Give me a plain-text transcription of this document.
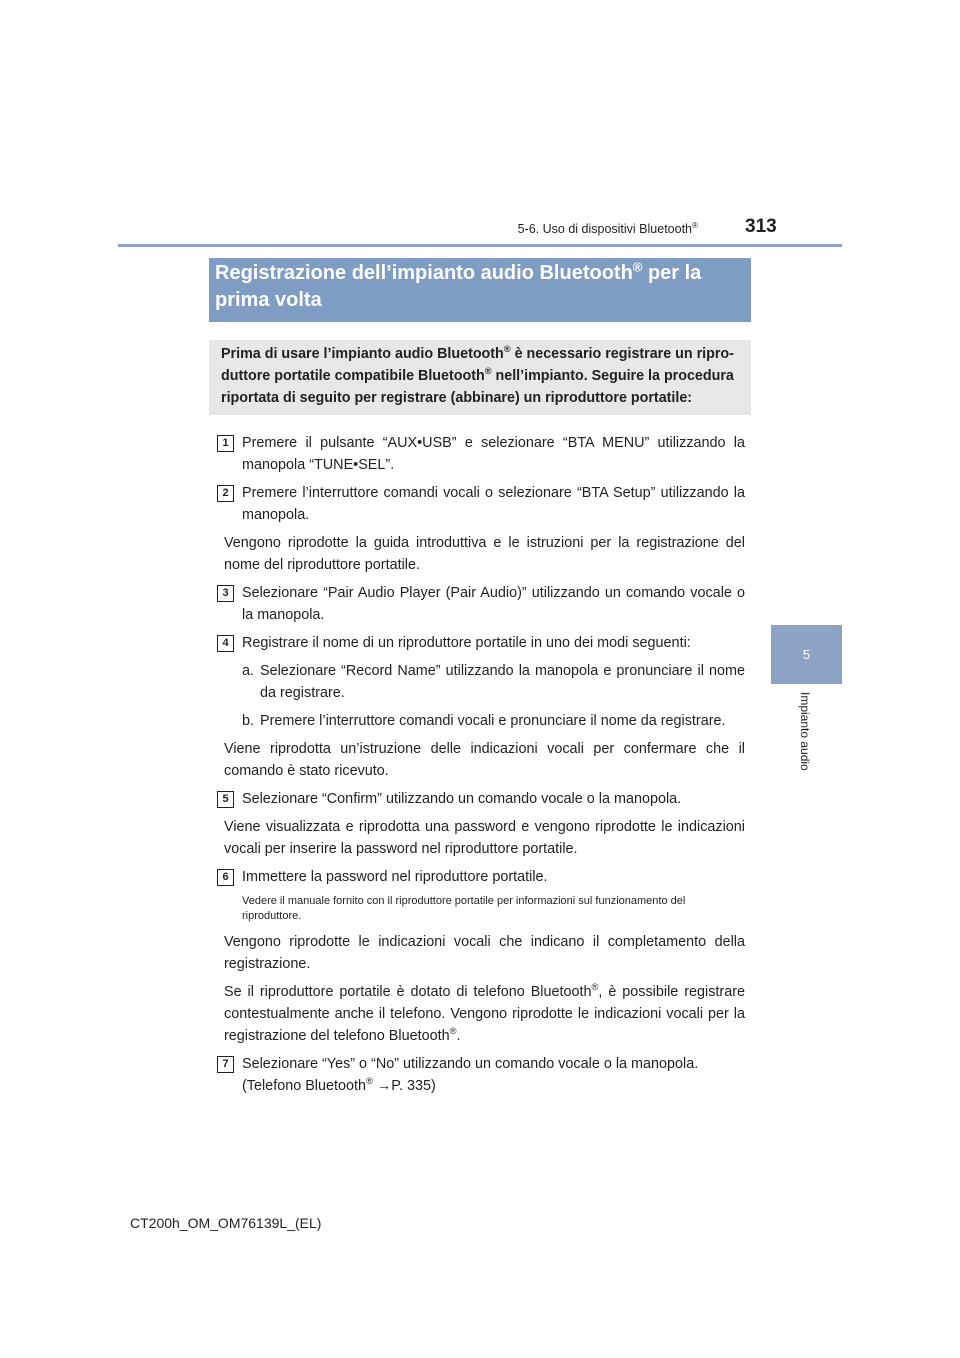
5-6. Uso di dispositivi Bluetooth® 313
5
Impianto audio
Registrazione dell’impianto audio Bluetooth® per la
prima volta
Prima di usare l’impianto audio Bluetooth® è necessario registrare un ripro-duttore portatile compatibile Bluetooth® nell’impianto. Seguire la procedura riportata di seguito per registrare (abbinare) un riproduttore portatile:
1 Premere il pulsante “AUX•USB” e selezionare “BTA MENU” utilizzando la manopola “TUNE•SEL”.
2 Premere l’interruttore comandi vocali o selezionare “BTA Setup” utilizzando la manopola.
Vengono riprodotte la guida introduttiva e le istruzioni per la registrazione del nome del riproduttore portatile.
3 Selezionare “Pair Audio Player (Pair Audio)” utilizzando un comando vocale o la manopola.
4 Registrare il nome di un riproduttore portatile in uno dei modi seguenti:
a. Selezionare “Record Name” utilizzando la manopola e pronunciare il nome da registrare.
b. Premere l’interruttore comandi vocali e pronunciare il nome da registrare.
Viene riprodotta un’istruzione delle indicazioni vocali per confermare che il comando è stato ricevuto.
5 Selezionare “Confirm” utilizzando un comando vocale o la manopola.
Viene visualizzata e riprodotta una password e vengono riprodotte le indicazioni vocali per inserire la password nel riproduttore portatile.
6 Immettere la password nel riproduttore portatile.
Vedere il manuale fornito con il riproduttore portatile per informazioni sul funzionamento del riproduttore.
Vengono riprodotte le indicazioni vocali che indicano il completamento della registrazione.
Se il riproduttore portatile è dotato di telefono Bluetooth®, è possibile registrare contestualmente anche il telefono. Vengono riprodotte le indicazioni vocali per la registrazione del telefono Bluetooth®.
7 Selezionare “Yes” o “No” utilizzando un comando vocale o la manopola.
(Telefono Bluetooth® →P. 335)
CT200h_OM_OM76139L_(EL)
